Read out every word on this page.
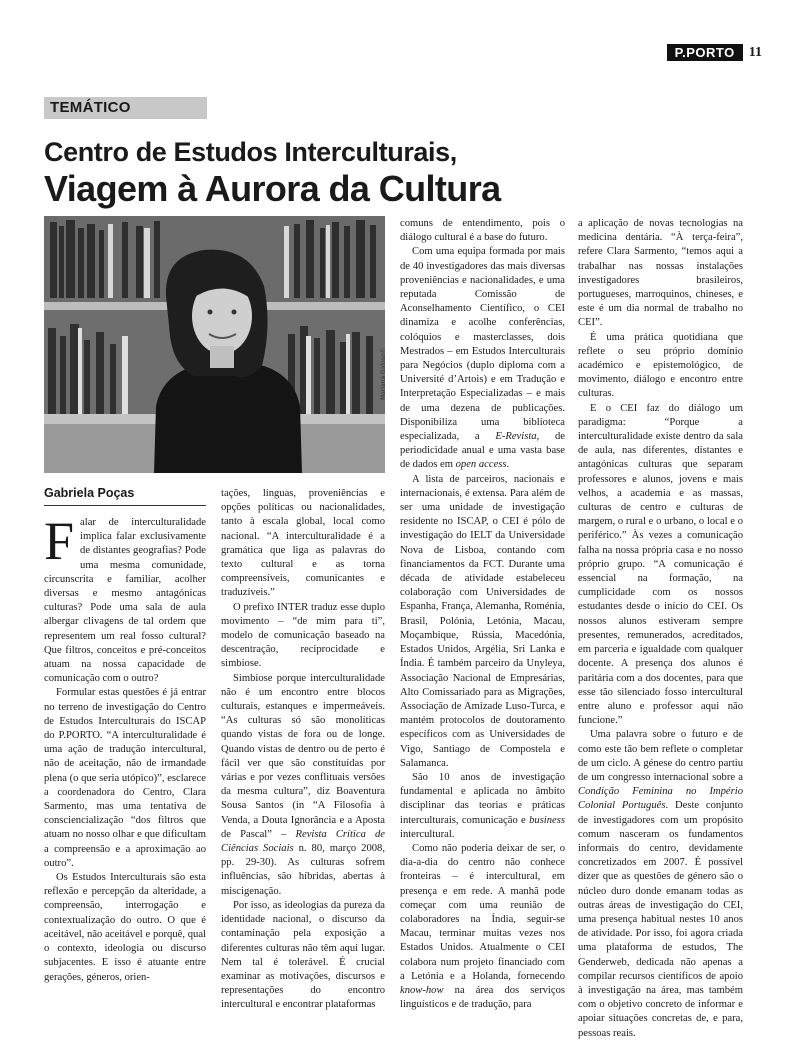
P.PORTO	11
TEMÁTICO
Centro de Estudos Interculturais,
Viagem à Aurora da Cultura
Mariana Galoso©
Gabriela Poças

Falar de interculturalidade implica falar exclusivamente de distantes geografias? Pode uma mesma comunidade, circunscrita e familiar, acolher diversas e mesmo antagónicas culturas? Pode uma sala de aula albergar clivagens de tal ordem que representem um real fosso cultural? Que filtros, conceitos e pré-conceitos atuam na nossa capacidade de comunicação com o outro?

Formular estas questões é já entrar no terreno de investigação do Centro de Estudos Interculturais do ISCAP do P.PORTO. “A interculturalidade é uma ação de tradução intercultural, não de aceitação, não de irmandade plena (o que seria utópico)”, esclarece a coordenadora do Centro, Clara Sarmento, mas uma tentativa de consciencialização “dos filtros que atuam no nosso olhar e que dificultam a compreensão e a aproximação ao outro”.

Os Estudos Interculturais são esta reflexão e percepção da alteridade, a compreensão, interrogação e contextualização do outro. O que é aceitável, não aceitável e porquê, qual o contexto, ideologia ou discurso subjacentes. E isso é atuante entre gerações, géneros, orien-

tações, línguas, proveniências e opções políticas ou nacionalidades, tanto à escala global, local como nacional. “A interculturalidade é a gramática que liga as palavras do texto cultural e as torna compreensíveis, comunicantes e traduzíveis.”

O prefixo INTER traduz esse duplo movimento – “de mim para ti”, modelo de comunicação baseado na descentração, reciprocidade e simbiose.

Simbiose porque interculturalidade não é um encontro entre blocos culturais, estanques e impermeáveis. “As culturas só são monolíticas quando vistas de fora ou de longe. Quando vistas de dentro ou de perto é fácil ver que são constituídas por várias e por vezes conflituais versões da mesma cultura”, diz Boaventura Sousa Santos (in “A Filosofia à Venda, a Douta Ignorância e a Aposta de Pascal” – Revista Crítica de Ciências Sociais n. 80, março 2008, pp. 29-30). As culturas sofrem influências, são híbridas, abertas à miscigenação.

Por isso, as ideologias da pureza da identidade nacional, o discurso da contaminação pela exposição a diferentes culturas não têm aqui lugar. Nem tal é tolerável. É crucial examinar as motivações, discursos e representações do encontro intercultural e encontrar plataformas

comuns de entendimento, pois o diálogo cultural é a base do futuro.

Com uma equipa formada por mais de 40 investigadores das mais diversas proveniências e nacionalidades, e uma reputada Comissão de Aconselhamento Científico, o CEI dinamiza e acolhe conferências, colóquios e masterclasses, dois Mestrados – em Estudos Interculturais para Negócios (duplo diploma com a Université d’Artois) e em Tradução e Interpretação Especializadas – e mais de uma dezena de publicações. Disponibiliza uma biblioteca especializada, a E-Revista, de periodicidade anual e uma vasta base de dados em open access.

A lista de parceiros, nacionais e internacionais, é extensa. Para além de ser uma unidade de investigação residente no ISCAP, o CEI é pólo de investigação do IELT da Universidade Nova de Lisboa, contando com financiamentos da FCT. Durante uma década de atividade estabeleceu colaboração com Universidades de Espanha, França, Alemanha, Roménia, Brasil, Polónia, Letónia, Macau, Moçambique, Rússia, Macedónia, Estados Unidos, Argélia, Sri Lanka e Índia. É também parceiro da Unyleya, Associação Nacional de Empresárias, Alto Comissariado para as Migrações, Associação de Amizade Luso-Turca, e mantém protocolos de doutoramento específicos com as Universidades de Vigo, Santiago de Compostela e Salamanca.

São 10 anos de investigação fundamental e aplicada no âmbito disciplinar das teorias e práticas interculturais, comunicação e business intercultural.

Como não poderia deixar de ser, o dia-a-dia do centro não conhece fronteiras – é intercultural, em presença e em rede. A manhã pode começar com uma reunião de colaboradores na Índia, seguir-se Macau, terminar muitas vezes nos Estados Unidos. Atualmente o CEI colabora num projeto financiado com a Letónia e a Holanda, fornecendo know-how na área dos serviços linguísticos e de tradução, para

a aplicação de novas tecnologias na medicina dentária. “À terça-feira”, refere Clara Sarmento, “temos aqui a trabalhar nas nossas instalações investigadores brasileiros, portugueses, marroquinos, chineses, e este é um dia normal de trabalho no CEI”.

É uma prática quotidiana que reflete o seu próprio domínio académico e epistemológico, de movimento, diálogo e encontro entre culturas.

E o CEI faz do diálogo um paradigma: “Porque a interculturalidade existe dentro da sala de aula, nas diferentes, distantes e antagónicas culturas que separam professores e alunos, jovens e mais velhos, a academia e as massas, culturas de centro e culturas de margem, o rural e o urbano, o local e o periférico.” Às vezes a comunicação falha na nossa própria casa e no nosso próprio grupo. “A comunicação é essencial na formação, na cumplicidade com os nossos estudantes desde o início do CEI. Os nossos alunos estiveram sempre presentes, remunerados, acreditados, em parceria e igualdade com qualquer docente. A presença dos alunos é paritária com a dos docentes, para que esse tão silenciado fosso intercultural entre aluno e professor aqui não funcione.”

Uma palavra sobre o futuro e de como este tão bem reflete o completar de um ciclo. A génese do centro partiu de um congresso internacional sobre a Condição Feminina no Império Colonial Português. Deste conjunto de investigadores com um propósito comum nasceram os fundamentos informais do centro, devidamente concretizados em 2007. É possível dizer que as questões de género são o núcleo duro donde emanam todas as outras áreas de investigação do CEI, uma presença habitual nestes 10 anos de atividade. Por isso, foi agora criada uma plataforma de estudos, The Genderweb, dedicada não apenas a compilar recursos científicos de apoio à investigação na área, mas também com o objetivo concreto de informar e apoiar situações concretas de, e para, pessoas reais.
